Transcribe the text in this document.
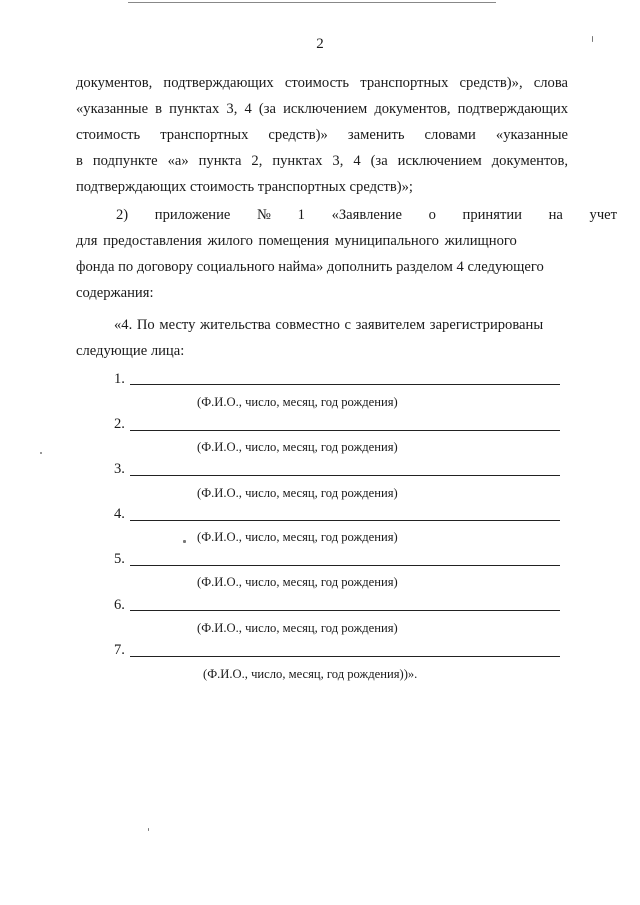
2
документов, подтверждающих стоимость транспортных средств)», слова
«указанные в пунктах 3, 4 (за исключением документов, подтверждающих
стоимость транспортных средств)» заменить словами «указанные
в подпункте «а» пункта 2, пунктах 3, 4 (за исключением документов,
подтверждающих стоимость транспортных средств)»;
2) приложение № 1 «Заявление о принятии на учет
для предоставления жилого помещения муниципального жилищного
фонда по договору социального найма» дополнить разделом 4 следующего
содержания:
«4. По месту жительства совместно с заявителем зарегистрированы
следующие лица:
1.
(Ф.И.О., число, месяц, год рождения)
2.
(Ф.И.О., число, месяц, год рождения)
3.
(Ф.И.О., число, месяц, год рождения)
4.
(Ф.И.О., число, месяц, год рождения)
5.
(Ф.И.О., число, месяц, год рождения)
6.
(Ф.И.О., число, месяц, год рождения)
7.
(Ф.И.О., число, месяц, год рождения))».
